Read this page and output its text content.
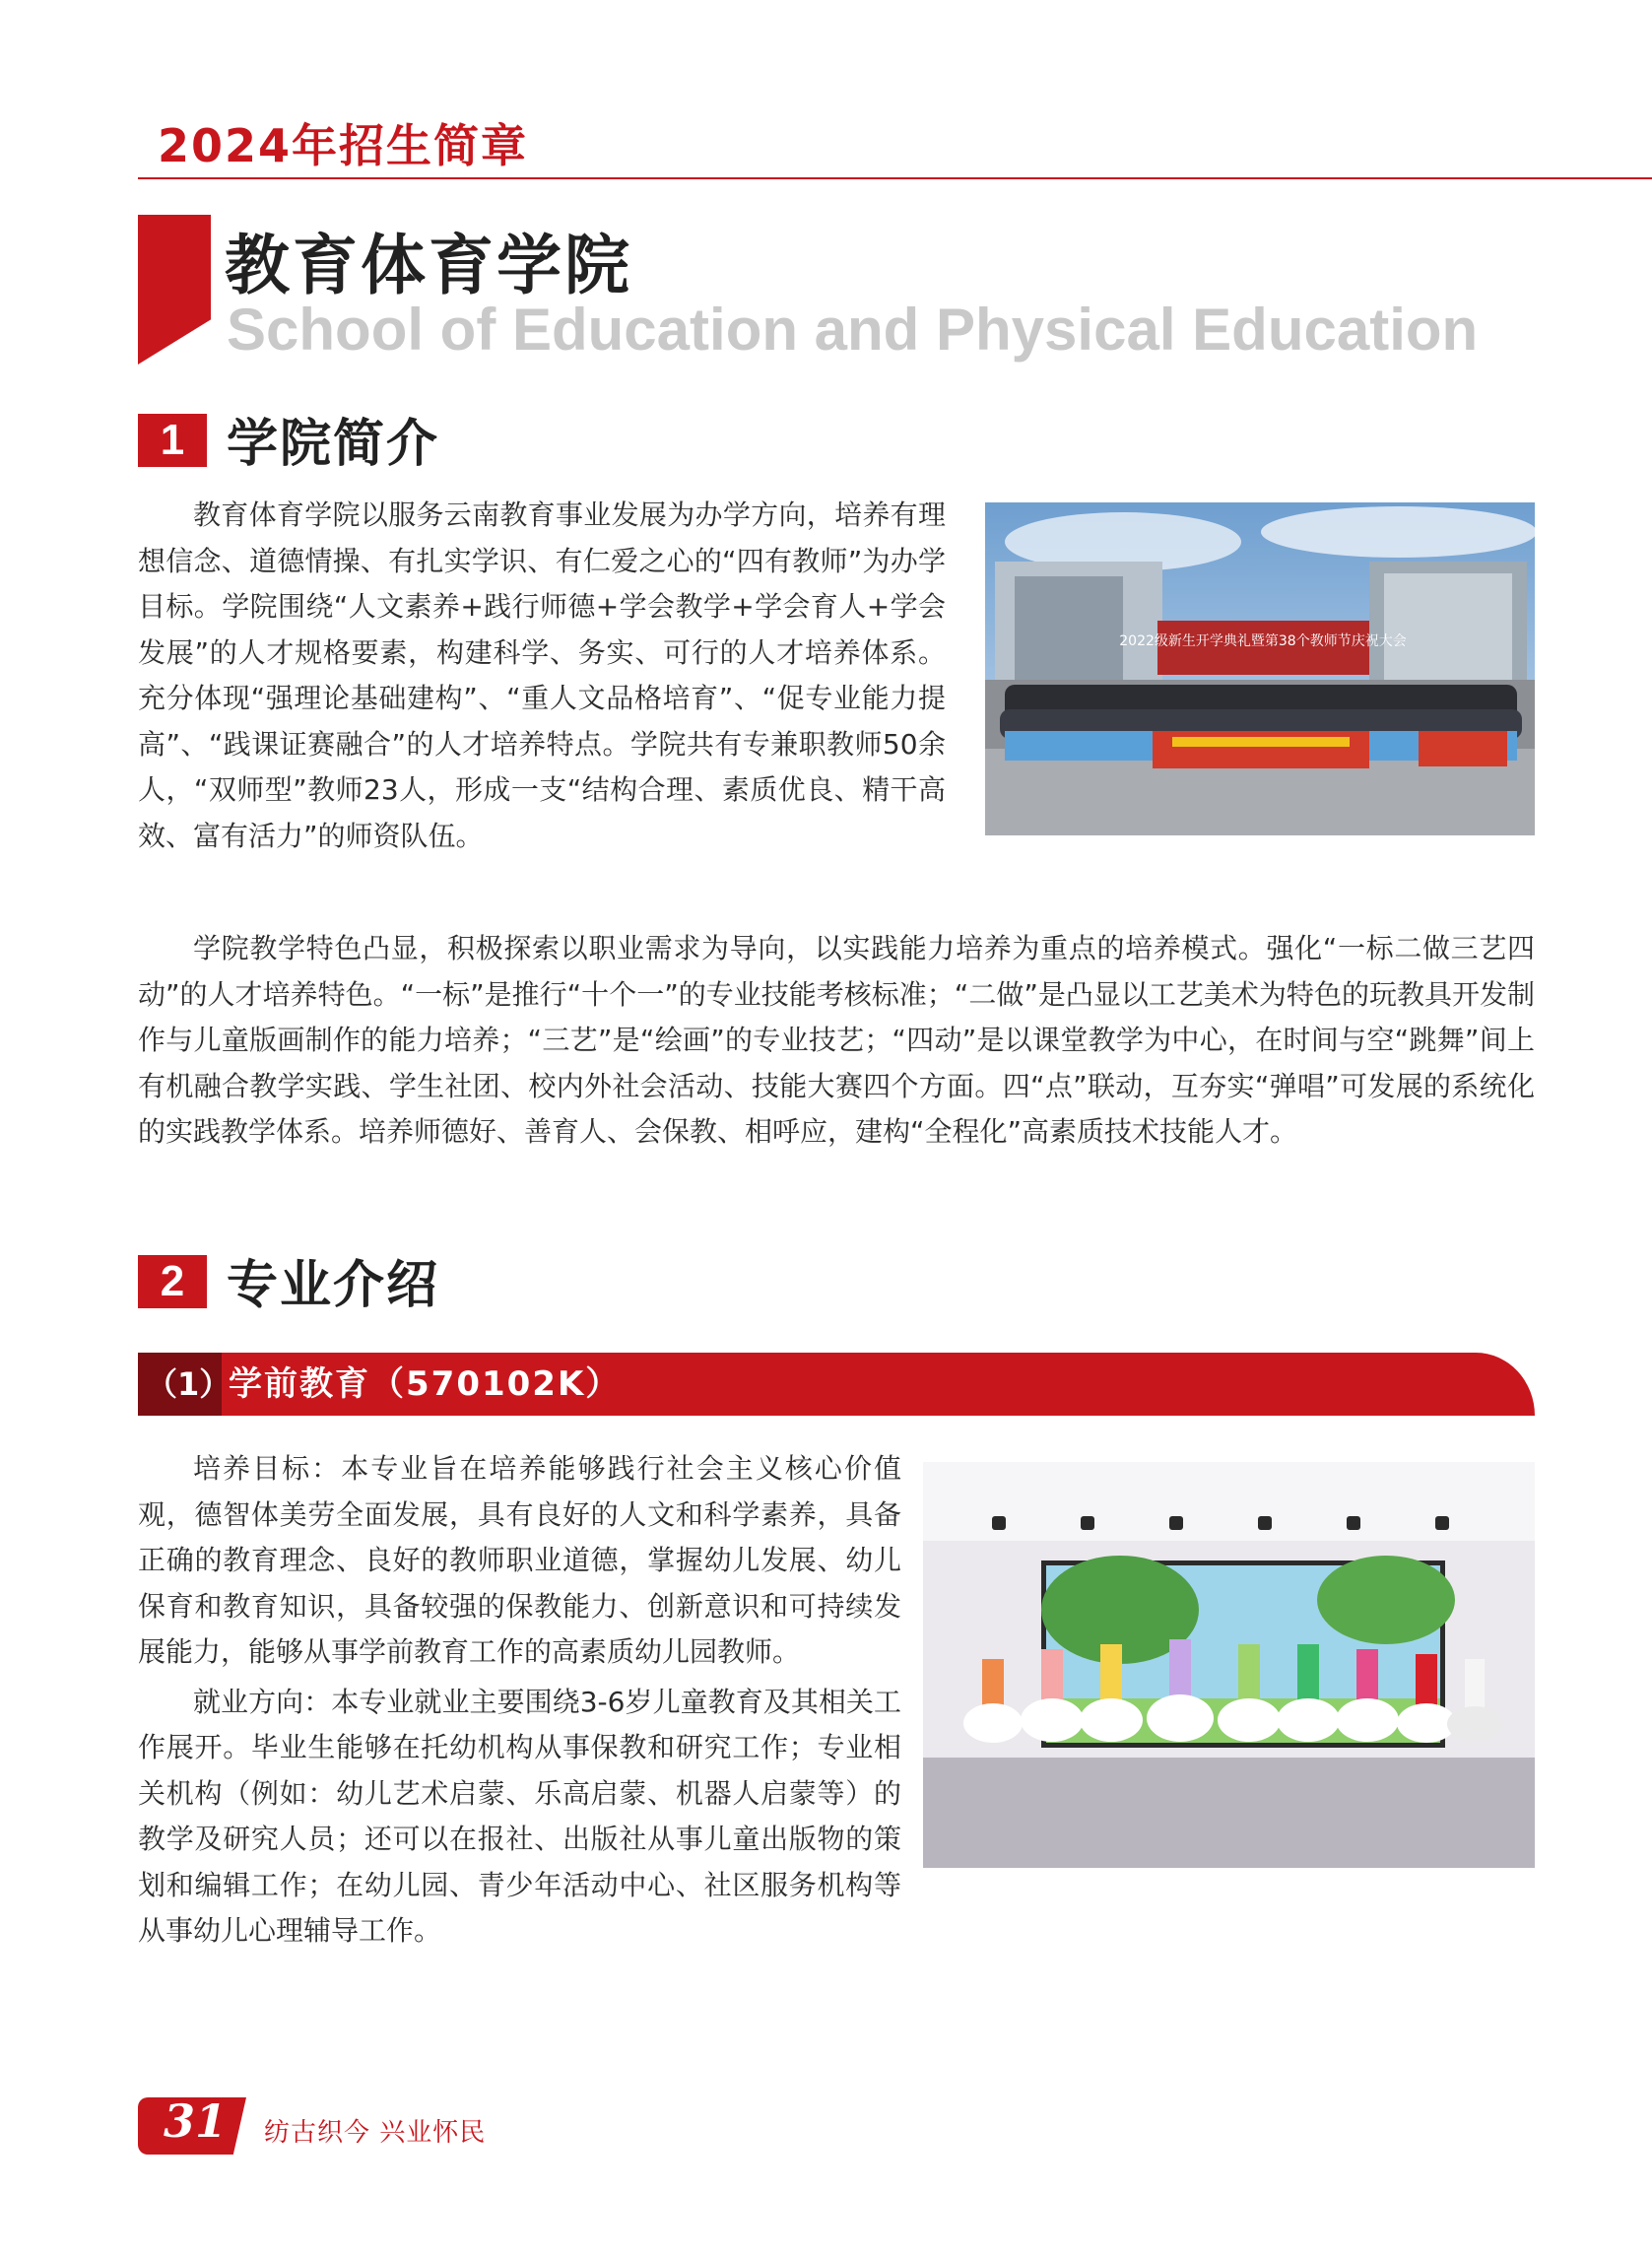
2024年招生简章
教育体育学院
School of Education and Physical Education
1 学院简介

教育体育学院以服务云南教育事业发展为办学方向，培养有理想信念、道德情操、有扎实学识、有仁爱之心的“四有教师”为办学目标。学院围绕“人文素养+践行师德+学会教学+学会育人+学会发展”的人才规格要素，构建科学、务实、可行的人才培养体系。充分体现“强理论基础建构”、“重人文品格培育”、“促专业能力提高”、“践课证赛融合”的人才培养特点。学院共有专兼职教师50余人，“双师型”教师23人，形成一支“结构合理、素质优良、精干高效、富有活力”的师资队伍。

2022级新生开学典礼暨第38个教师节庆祝大会

学院教学特色凸显，积极探索以职业需求为导向，以实践能力培养为重点的培养模式。强化“一标二做三艺四动”的人才培养特色。“一标”是推行“十个一”的专业技能考核标准；“二做”是凸显以工艺美术为特色的玩教具开发制作与儿童版画制作的能力培养；“三艺”是“绘画”的专业技艺；“四动”是以课堂教学为中心，在时间与空“跳舞”间上有机融合教学实践、学生社团、校内外社会活动、技能大赛四个方面。四“点”联动，互夯实“弹唱”可发展的系统化的实践教学体系。培养师德好、善育人、会保教、相呼应，建构“全程化”高素质技术技能人才。

2 专业介绍
（1）
学前教育（570102K）

培养目标：本专业旨在培养能够践行社会主义核心价值观，德智体美劳全面发展，具有良好的人文和科学素养，具备正确的教育理念、良好的教师职业道德，掌握幼儿发展、幼儿保育和教育知识，具备较强的保教能力、创新意识和可持续发展能力，能够从事学前教育工作的高素质幼儿园教师。

就业方向：本专业就业主要围绕3-6岁儿童教育及其相关工作展开。毕业生能够在托幼机构从事保教和研究工作；专业相关机构（例如：幼儿艺术启蒙、乐高启蒙、机器人启蒙等）的教学及研究人员；还可以在报社、出版社从事儿童出版物的策划和编辑工作；在幼儿园、青少年活动中心、社区服务机构等从事幼儿心理辅导工作。

31	纺古织今 兴业怀民
